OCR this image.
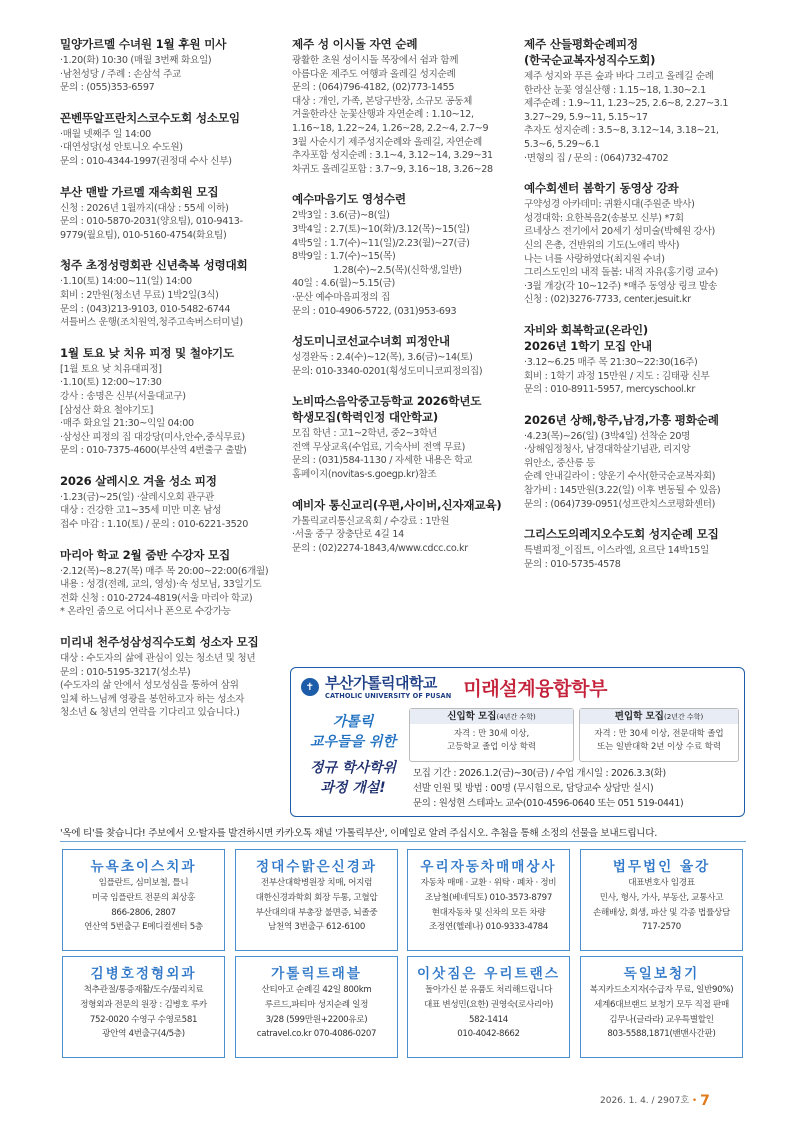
밀양가르멜 수녀원 1월 후원 미사
·1.20(화) 10:30 (매월 3번째 화요일)
·남천성당 / 주례 : 손삼석 주교
문의 : (055)353-6597
꼰벤뚜알프란치스코수도회 성소모임
·매월 넷째주 일 14:00
·대연성당(성 안토니오 수도원)
문의 : 010-4344-1997(권정대 수사 신부)
부산 맨발 가르멜 재속회원 모집
신청 : 2026년 1월까지(대상 : 55세 이하)
문의 : 010-5870-2031(양요팀), 010-9413-
9779(월요팀), 010-5160-4754(화요팀)
청주 초정성령회관 신년축복 성령대회
·1.10(토) 14:00~11(일) 14:00
회비 : 2만원(청소년 무료) 1박2일(3식)
문의 : (043)213-9103, 010-5482-6744
셔틀버스 운행(조치원역,청주고속버스터미널)
1월 토요 낮 치유 피정 및 철야기도
[1월 토요 낮 치유대피정]
·1.10(토) 12:00~17:30
강사 : 송명은 신부(서울대교구)
[삼성산 화요 철야기도]
·매주 화요일 21:30~익일 04:00
·삼성산 피정의 집 대강당(미사,안수,중식무료)
문의 : 010-7375-4600(부산역 4번출구 출발)
2026 살레시오 겨울 성소 피정
·1.23(금)~25(일) ·살레시오회 관구관
대상 : 건강한 고1~35세 미만 미혼 남성
접수 마감 : 1.10(토) / 문의 : 010-6221-3520
마리아 학교 2월 줌반 수강자 모집
·2.12(목)~8.27(목) 매주 목 20:00~22:00(6개월)
내용 : 성경(전례, 교의, 영성)·속 성모님, 33일기도
전화 신청 : 010-2724-4819(서울 마리아 학교)
* 온라인 줌으로 어디서나 폰으로 수강가능
미리내 천주성삼성직수도회 성소자 모집
대상 : 수도자의 삶에 관심이 있는 청소년 및 청년
문의 : 010-5195-3217(성소부)
(수도자의 삶 안에서 성모성심을 통하여 삼위
일체 하느님께 영광을 봉헌하고자 하는 성소자
청소년 & 청년의 연락을 기다리고 있습니다.)
제주 성 이시돌 자연 순례
광활한 초원 성이시돌 목장에서 쉼과 함께
아름다운 제주도 여행과 올레길 성지순례
문의 : (064)796-4182, (02)773-1455
대상 : 개인, 가족, 본당구반장, 소규모 공동체
겨울한라산 눈꽃산행과 자연순례 : 1.10~12,
1.16~18, 1.22~24, 1.26~28, 2.2~4, 2.7~9
3월 사순시기 제주성지순례와 올레길, 자연순례
추자포함 성지순례 : 3.1~4, 3.12~14, 3.29~31
차귀도 올레길포함 : 3.7~9, 3.16~18, 3.26~28
예수마음기도 영성수련
2박3일 : 3.6(금)~8(일)
3박4일 : 2.7(토)~10(화)/3.12(목)~15(일)
4박5일 : 1.7(수)~11(일)/2.23(월)~27(금)
8박9일 : 1.7(수)~15(목)
1.28(수)~2.5(목)(신학생,일반)
40일 : 4.6(월)~5.15(금)
·문산 예수마음피정의 집
문의 : 010-4906-5722, (031)953-693
성도미니코선교수녀회 피정안내
성경완독 : 2.4(수)~12(목), 3.6(금)~14(토)
문의: 010-3340-0201(횡성도미니코피정의집)
노비따스음악중고등학교 2026학년도
학생모집(학력인정 대안학교)
모집 학년 : 고1~2학년, 중2~3학년
전액 무상교육(수업료, 기숙사비 전액 무료)
문의 : (031)584-1130 / 자세한 내용은 학교
홈페이지(novitas-s.goegp.kr)참조
예비자 통신교리(우편,사이버,신자재교육)
가톨릭교리통신교육회 / 수강료 : 1만원
·서울 중구 장충단로 4길 14
문의 : (02)2274-1843,4/www.cdcc.co.kr
제주 산들평화순례피정
(한국순교복자성직수도회)
제주 성지와 푸른 숲과 바다 그리고 올레길 순례
한라산 눈꽃 영실산행 : 1.15~18, 1.30~2.1
제주순례 : 1.9~11, 1.23~25, 2.6~8, 2.27~3.1
3.27~29, 5.9~11, 5.15~17
추자도 성지순례 : 3.5~8, 3.12~14, 3.18~21,
5.3~6, 5.29~6.1
·면형의 집 / 문의 : (064)732-4702
예수회센터 봄학기 동영상 강좌
구약성경 아카데미: 귀환시대(주원준 박사)
성경대학: 요한복음2(송봉모 신부) *7회
르네상스 전기에서 20세기 성미술(박혜원 강사)
신의 은총, 건반위의 기도(노애리 박사)
나는 너를 사랑하였다(최지원 수녀)
그리스도인의 내적 돌봄: 내적 자유(홍기령 교수)
·3월 개강(각 10~12주) *매주 동영상 링크 발송
신청 : (02)3276-7733, center.jesuit.kr
자비와 회복학교(온라인)
2026년 1학기 모집 안내
·3.12~6.25 매주 목 21:30~22:30(16주)
회비 : 1학기 과정 15만원 / 지도 : 김태광 신부
문의 : 010-8911-5957, mercyschool.kr
2026년 상해,항주,남경,가흥 평화순례
·4.23(목)~26(일) (3박4일) 선착순 20명
·상해임정청사, 남경대학살기념관, 리지앙
위안소, 중산릉 등
순례 안내길라이 : 양운기 수사(한국순교복자회)
참가비 : 145만원(3.22(일) 이후 변동될 수 있음)
문의 : (064)739-0951(성프란치스코평화센터)
그리스도의레지오수도회 성지순례 모집
특별피정_이집트, 이스라엘, 요르단 14박15일
문의 : 010-5735-4578
✝ 부산가톨릭대학교
CATHOLIC UNIVERSITY OF PUSAN 미래설계융합학부
가톨릭
교우들을 위한
정규 학사학위
과정 개설!
신입학 모집(4년간 수학)
자격 : 만 30세 이상,
고등학교 졸업 이상 학력
편입학 모집(2년간 수학)
자격 : 만 30세 이상, 전문대학 졸업
또는 일반대학 2년 이상 수료 학력
모집 기간 : 2026.1.2(금)~30(금) / 수업 개시일 : 2026.3.3(화)
선발 인원 및 방법 : 00명 (무시험으로, 담당교수 상담만 실시)
문의 : 원성현 스테파노 교수(010-4596-0640 또는 051 519-0441)
'옥에 티'를 찾습니다! 주보에서 오·탈자를 발견하시면 카카오톡 채널 '가톨릭부산', 이메일로 알려 주십시오. 추첨을 통해 소정의 선물을 보내드립니다.
뉴욕초이스치과
임플란트, 심미보철, 틀니
미국 임플란트 전문의 최상홍
866-2806, 2807
연산역 5번출구 E메디컬센터 5층
정대수맑은신경과
전부산대학병원장 치매, 어지럼
대한신경과학회 회장 두통, 고혈압
부산대의대 부총장 불면증, 뇌졸중
남천역 3번출구 612-6100
우리자동차매매상사
자동차 매매 · 교환 · 위탁 · 폐차 · 정비
조남철(베네딕토) 010-3573-8797
현대자동차 및 신차의 모든 차량
조정연(헬레나) 010-9333-4784
법무법인 율강
대표변호사 임경표
민사, 형사, 가사, 부동산, 교통사고
손해배상, 회생, 파산 및 각종 법률상담
717-2570
김병호정형외과
척추관절/통증재활/도수/물리치료
정형외과 전문의 원장 : 김병호 루카
752-0020 수영구 수영로581
광안역 4번출구(4/5층)
가톨릭트래블
산티아고 순례길 42일 800km
루르드,파티마 성지순례 일정
3/28 (599만원+2200유로)
catravel.co.kr 070-4086-0207
이삿짐은 우리트랜스
돌아가신 분 유품도 처리해드립니다
대표 변성민(요한) 권영숙(로사리아)
582-1414
010-4042-8662
독일보청기
복지카드소지자(수급자 무료, 일반90%)
세계6대브랜드 보청기 모두 직접 판매
김무나(글라라) 교우특별할인
803-5588,1871(밴맨사간판)
2026. 1. 4. / 2907호 • 7
